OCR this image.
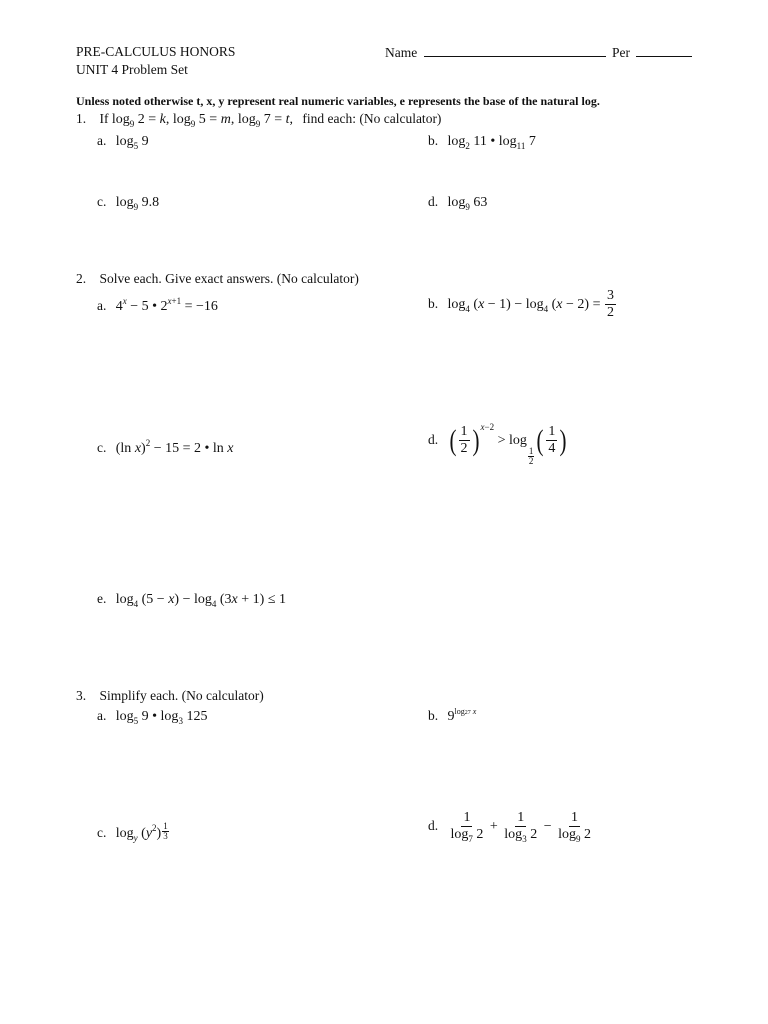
PRE-CALCULUS HONORS
UNIT 4 Problem Set
Name	Per
Unless noted otherwise t, x, y represent real numeric variables, e represents the base of the natural log.
1. If $\log_9 2 = k$, $\log_9 5 = m$, $\log_9 7 = t$, find each: (No calculator)
a. $\log_5 9$	b. $\log_2 11$ • $\log_{11} 7$
c. $\log_9 9.8$	d. $\log_9 63$
2. Solve each. Give exact answers. (No calculator)
a. $4^x - 5$ • $2^{x+1} = -16$	b. $\log_4 (x - 1) - \log_4 (x - 2) = \frac{3}{2}$
c. (ln x)$^2$ − 15 = 2 • ln x
d. ( $\frac{1}{2}$ ) $^{x-2}$ > log
$\frac{1}{2}$ ( $\frac{1}{4}$ )
e. $\log_4 (5 - x) - \log_4 (3x + 1) \le 1$
3. Simplify each. (No calculator)
a. $\log_5 9$ • $\log_3 125$	b. $9^{log27 x}$
c. $\log_y (y^2) \frac{1}{3}$	d. $\frac{1}{\log_7 2} + \frac{1}{\log_3 2} - \frac{1}{\log_9 2}$
